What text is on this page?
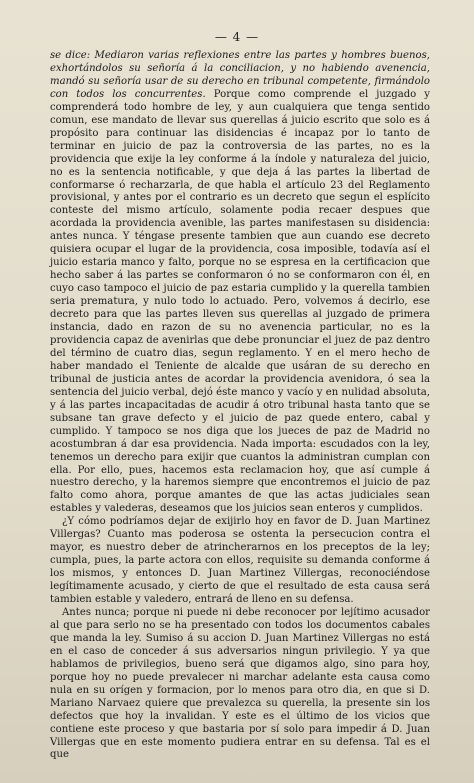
— 4 —

se dice: Mediaron varias reflexiones entre las partes y hombres buenos, exhortándolos su señoría á la conciliacion, y no habiendo avenencia, mandó su señoría usar de su derecho en tribunal competente, firmándolo con todos los concurrentes. Porque como comprende el juzgado y comprenderá todo hombre de ley, y aun cualquiera que tenga sentido comun, ese mandato de llevar sus querellas á juicio escrito que solo es á propósito para continuar las disidencias é incapaz por lo tanto de terminar en juicio de paz la controversia de las partes, no es la providencia que exije la ley conforme á la índole y naturaleza del juicio, no es la sentencia notificable, y que deja á las partes la libertad de conformarse ó recharzarla, de que habla el artículo 23 del Reglamento provisional, y antes por el contrario es un decreto que segun el esplícito conteste del mismo artículo, solamente podia recaer despues que acordada la providencia avenible, las partes manifestasen su disidencia: antes nunca. Y téngase presente tambien que aun cuando ese decreto quisiera ocupar el lugar de la providencia, cosa imposible, todavía así el juicio estaria manco y falto, porque no se espresa en la certificacion que hecho saber á las partes se conformaron ó no se conformaron con él, en cuyo caso tampoco el juicio de paz estaria cumplido y la querella tambien seria prematura, y nulo todo lo actuado. Pero, volvemos á decirlo, ese decreto para que las partes lleven sus querellas al juzgado de primera instancia, dado en razon de su no avenencia particular, no es la providencia capaz de avenirlas que debe pronunciar el juez de paz dentro del término de cuatro dias, segun reglamento. Y en el mero hecho de haber mandado el Teniente de alcalde que usáran de su derecho en tribunal de justicia antes de acordar la providencia avenidora, ó sea la sentencia del juicio verbal, dejó éste manco y vacío y en nulidad absoluta, y á las partes incapacitadas de acudir á otro tribunal hasta tanto que se subsane tan grave defecto y el juicio de paz quede entero, cabal y cumplido. Y tampoco se nos diga que los jueces de paz de Madrid no acostumbran á dar esa providencia. Nada importa: escudados con la ley, tenemos un derecho para exijir que cuantos la administran cumplan con ella. Por ello, pues, hacemos esta reclamacion hoy, que así cumple á nuestro derecho, y la haremos siempre que encontremos el juicio de paz falto como ahora, porque amantes de que las actas judiciales sean estables y valederas, deseamos que los juicios sean enteros y cumplidos.

¿Y cómo podríamos dejar de exijirlo hoy en favor de D. Juan Martinez Villergas? Cuanto mas poderosa se ostenta la persecucion contra el mayor, es nuestro deber de atrincherarnos en los preceptos de la ley; cumpla, pues, la parte actora con ellos, requisite su demanda conforme á los mismos, y entonces D. Juan Martinez Villergas, reconociéndose legítimamente acusado, y cierto de que el resultado de esta causa será tambien estable y valedero, entrará de lleno en su defensa.

Antes nunca; porque ni puede ni debe reconocer por lejítimo acusador al que para serlo no se ha presentado con todos los documentos cabales que manda la ley. Sumiso á su accion D. Juan Martinez Villergas no está en el caso de conceder á sus adversarios ningun privilegio. Y ya que hablamos de privilegios, bueno será que digamos algo, sino para hoy, porque hoy no puede prevalecer ni marchar adelante esta causa como nula en su orígen y formacion, por lo menos para otro dia, en que si D. Mariano Narvaez quiere que prevalezca su querella, la presente sin los defectos que hoy la invalidan. Y este es el último de los vicios que contiene este proceso y que bastaria por sí solo para impedir á D. Juan Villergas que en este momento pudiera entrar en su defensa. Tal es el que
